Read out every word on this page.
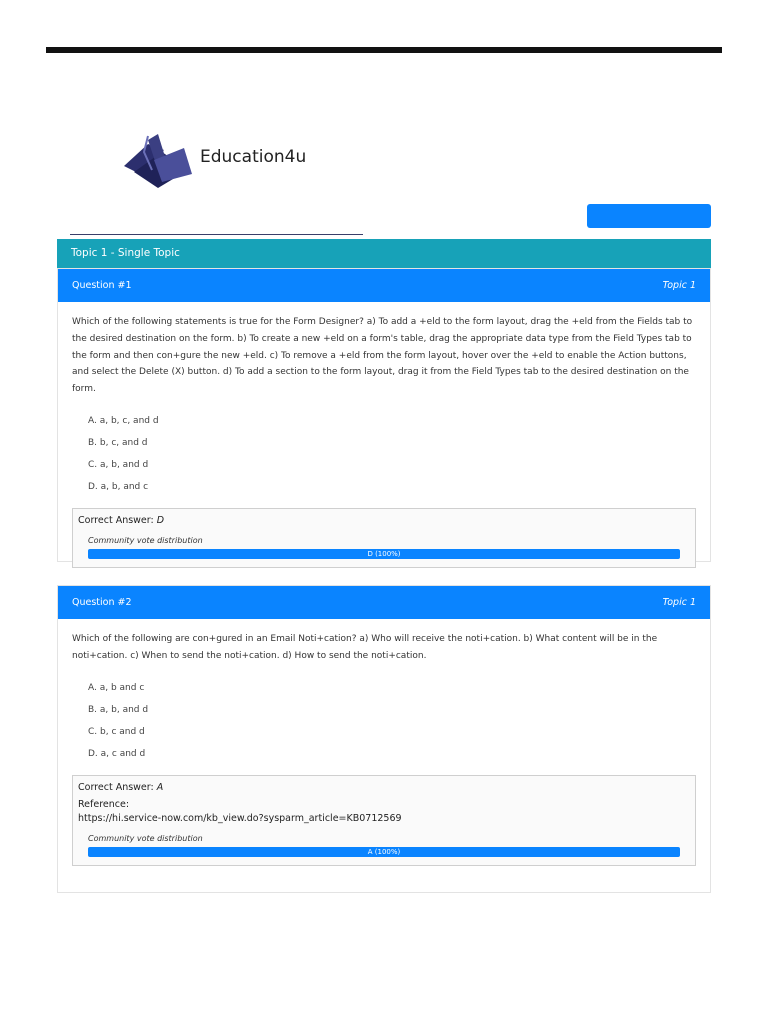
Education4u
Topic 1 - Single Topic
Question #1	Topic 1
Which of the following statements is true for the Form Designer? a) To add a +eld to the form layout, drag the +eld from the Fields tab to the desired destination on the form. b) To create a new +eld on a form's table, drag the appropriate data type from the Field Types tab to the form and then con+gure the new +eld. c) To remove a +eld from the form layout, hover over the +eld to enable the Action buttons, and select the Delete (X) button. d) To add a section to the form layout, drag it from the Field Types tab to the desired destination on the form.
A. a, b, c, and d
B. b, c, and d
C. a, b, and d
D. a, b, and c
Correct Answer: D
Community vote distribution
D (100%)
Question #2	Topic 1
Which of the following are con+gured in an Email Noti+cation? a) Who will receive the noti+cation. b) What content will be in the noti+cation. c) When to send the noti+cation. d) How to send the noti+cation.
A. a, b and c
B. a, b, and d
C. b, c and d
D. a, c and d
Correct Answer: A
Reference:
https://hi.service-now.com/kb_view.do?sysparm_article=KB0712569
Community vote distribution
A (100%)
